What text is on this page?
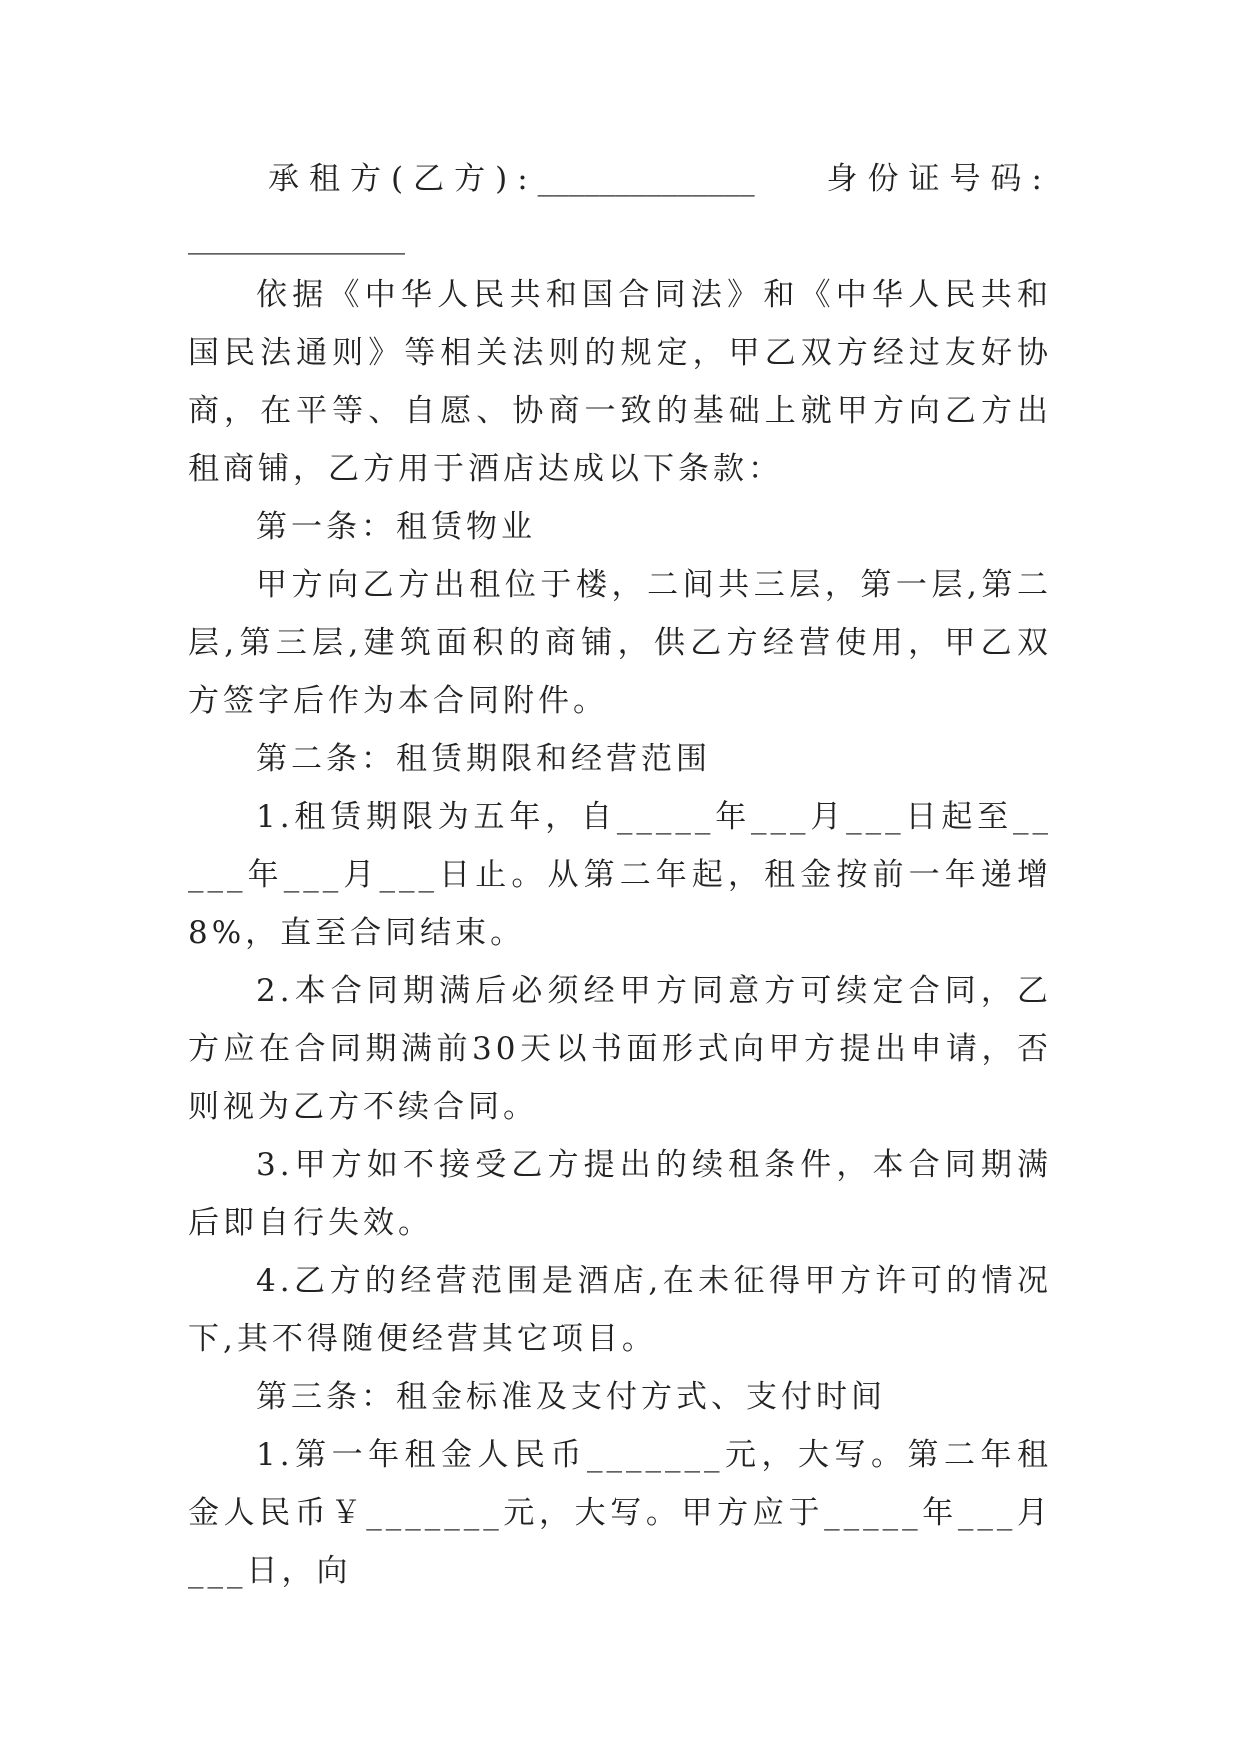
承租方(乙方):______________ 身份证号码:
______________

依据《中华人民共和国合同法》和《中华人民共和国民法通则》等相关法则的规定，甲乙双方经过友好协商，在平等、自愿、协商一致的基础上就甲方向乙方出租商铺，乙方用于酒店达成以下条款：

第一条：租赁物业

甲方向乙方出租位于楼，二间共三层，第一层,第二层,第三层,建筑面积的商铺，供乙方经营使用，甲乙双方签字后作为本合同附件。

第二条：租赁期限和经营范围

1.租赁期限为五年，自_____年___月___日起至_____年___月___日止。从第二年起，租金按前一年递增8%，直至合同结束。

2.本合同期满后必须经甲方同意方可续定合同，乙方应在合同期满前30天以书面形式向甲方提出申请，否则视为乙方不续合同。

3.甲方如不接受乙方提出的续租条件，本合同期满后即自行失效。

4.乙方的经营范围是酒店,在未征得甲方许可的情况下,其不得随便经营其它项目。

第三条：租金标准及支付方式、支付时间

1.第一年租金人民币_______元，大写。第二年租金人民币￥_______元，大写。甲方应于_____年___月___日，向
